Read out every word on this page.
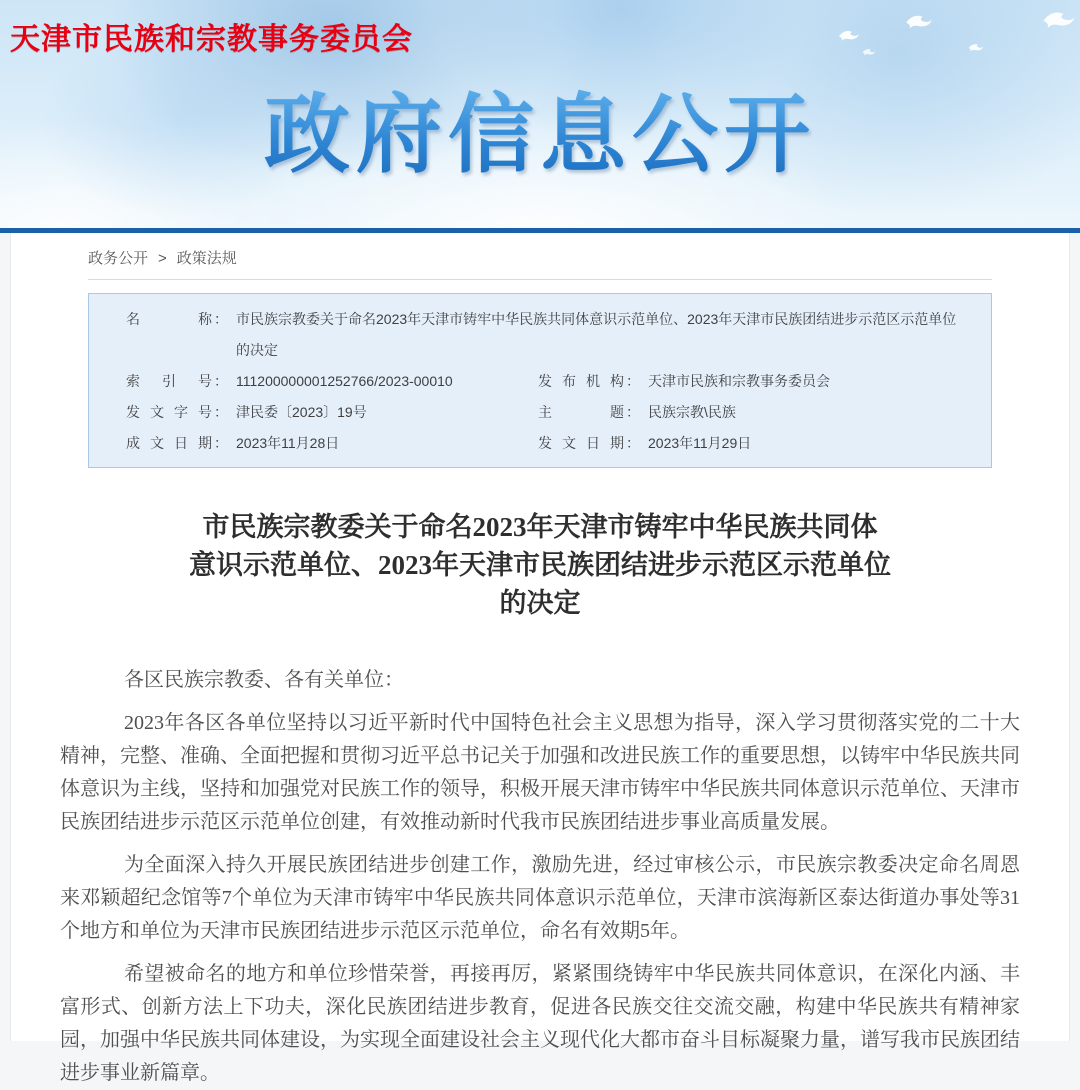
天津市民族和宗教事务委员会
政府信息公开
政务公开 > 政策法规
名称 ： 市民族宗教委关于命名2023年天津市铸牢中华民族共同体意识示范单位、2023年天津市民族团结进步示范区示范单位的决定
索引号 ： 111200000001252766/2023-00010	发布机构 ： 天津市民族和宗教事务委员会
发文字号 ： 津民委〔2023〕19号	主题 ： 民族宗教\民族
成文日期 ： 2023年11月28日	发文日期 ： 2023年11月29日
市民族宗教委关于命名2023年天津市铸牢中华民族共同体
意识示范单位、2023年天津市民族团结进步示范区示范单位
的决定

各区民族宗教委、各有关单位：

2023年各区各单位坚持以习近平新时代中国特色社会主义思想为指导，深入学习贯彻落实党的二十大精神，完整、准确、全面把握和贯彻习近平总书记关于加强和改进民族工作的重要思想，以铸牢中华民族共同体意识为主线，坚持和加强党对民族工作的领导，积极开展天津市铸牢中华民族共同体意识示范单位、天津市民族团结进步示范区示范单位创建，有效推动新时代我市民族团结进步事业高质量发展。

为全面深入持久开展民族团结进步创建工作，激励先进，经过审核公示，市民族宗教委决定命名周恩来邓颖超纪念馆等7个单位为天津市铸牢中华民族共同体意识示范单位，天津市滨海新区泰达街道办事处等31个地方和单位为天津市民族团结进步示范区示范单位，命名有效期5年。

希望被命名的地方和单位珍惜荣誉，再接再厉，紧紧围绕铸牢中华民族共同体意识，在深化内涵、丰富形式、创新方法上下功夫，深化民族团结进步教育，促进各民族交往交流交融，构建中华民族共有精神家园，加强中华民族共同体建设，为实现全面建设社会主义现代化大都市奋斗目标凝聚力量，谱写我市民族团结进步事业新篇章。
